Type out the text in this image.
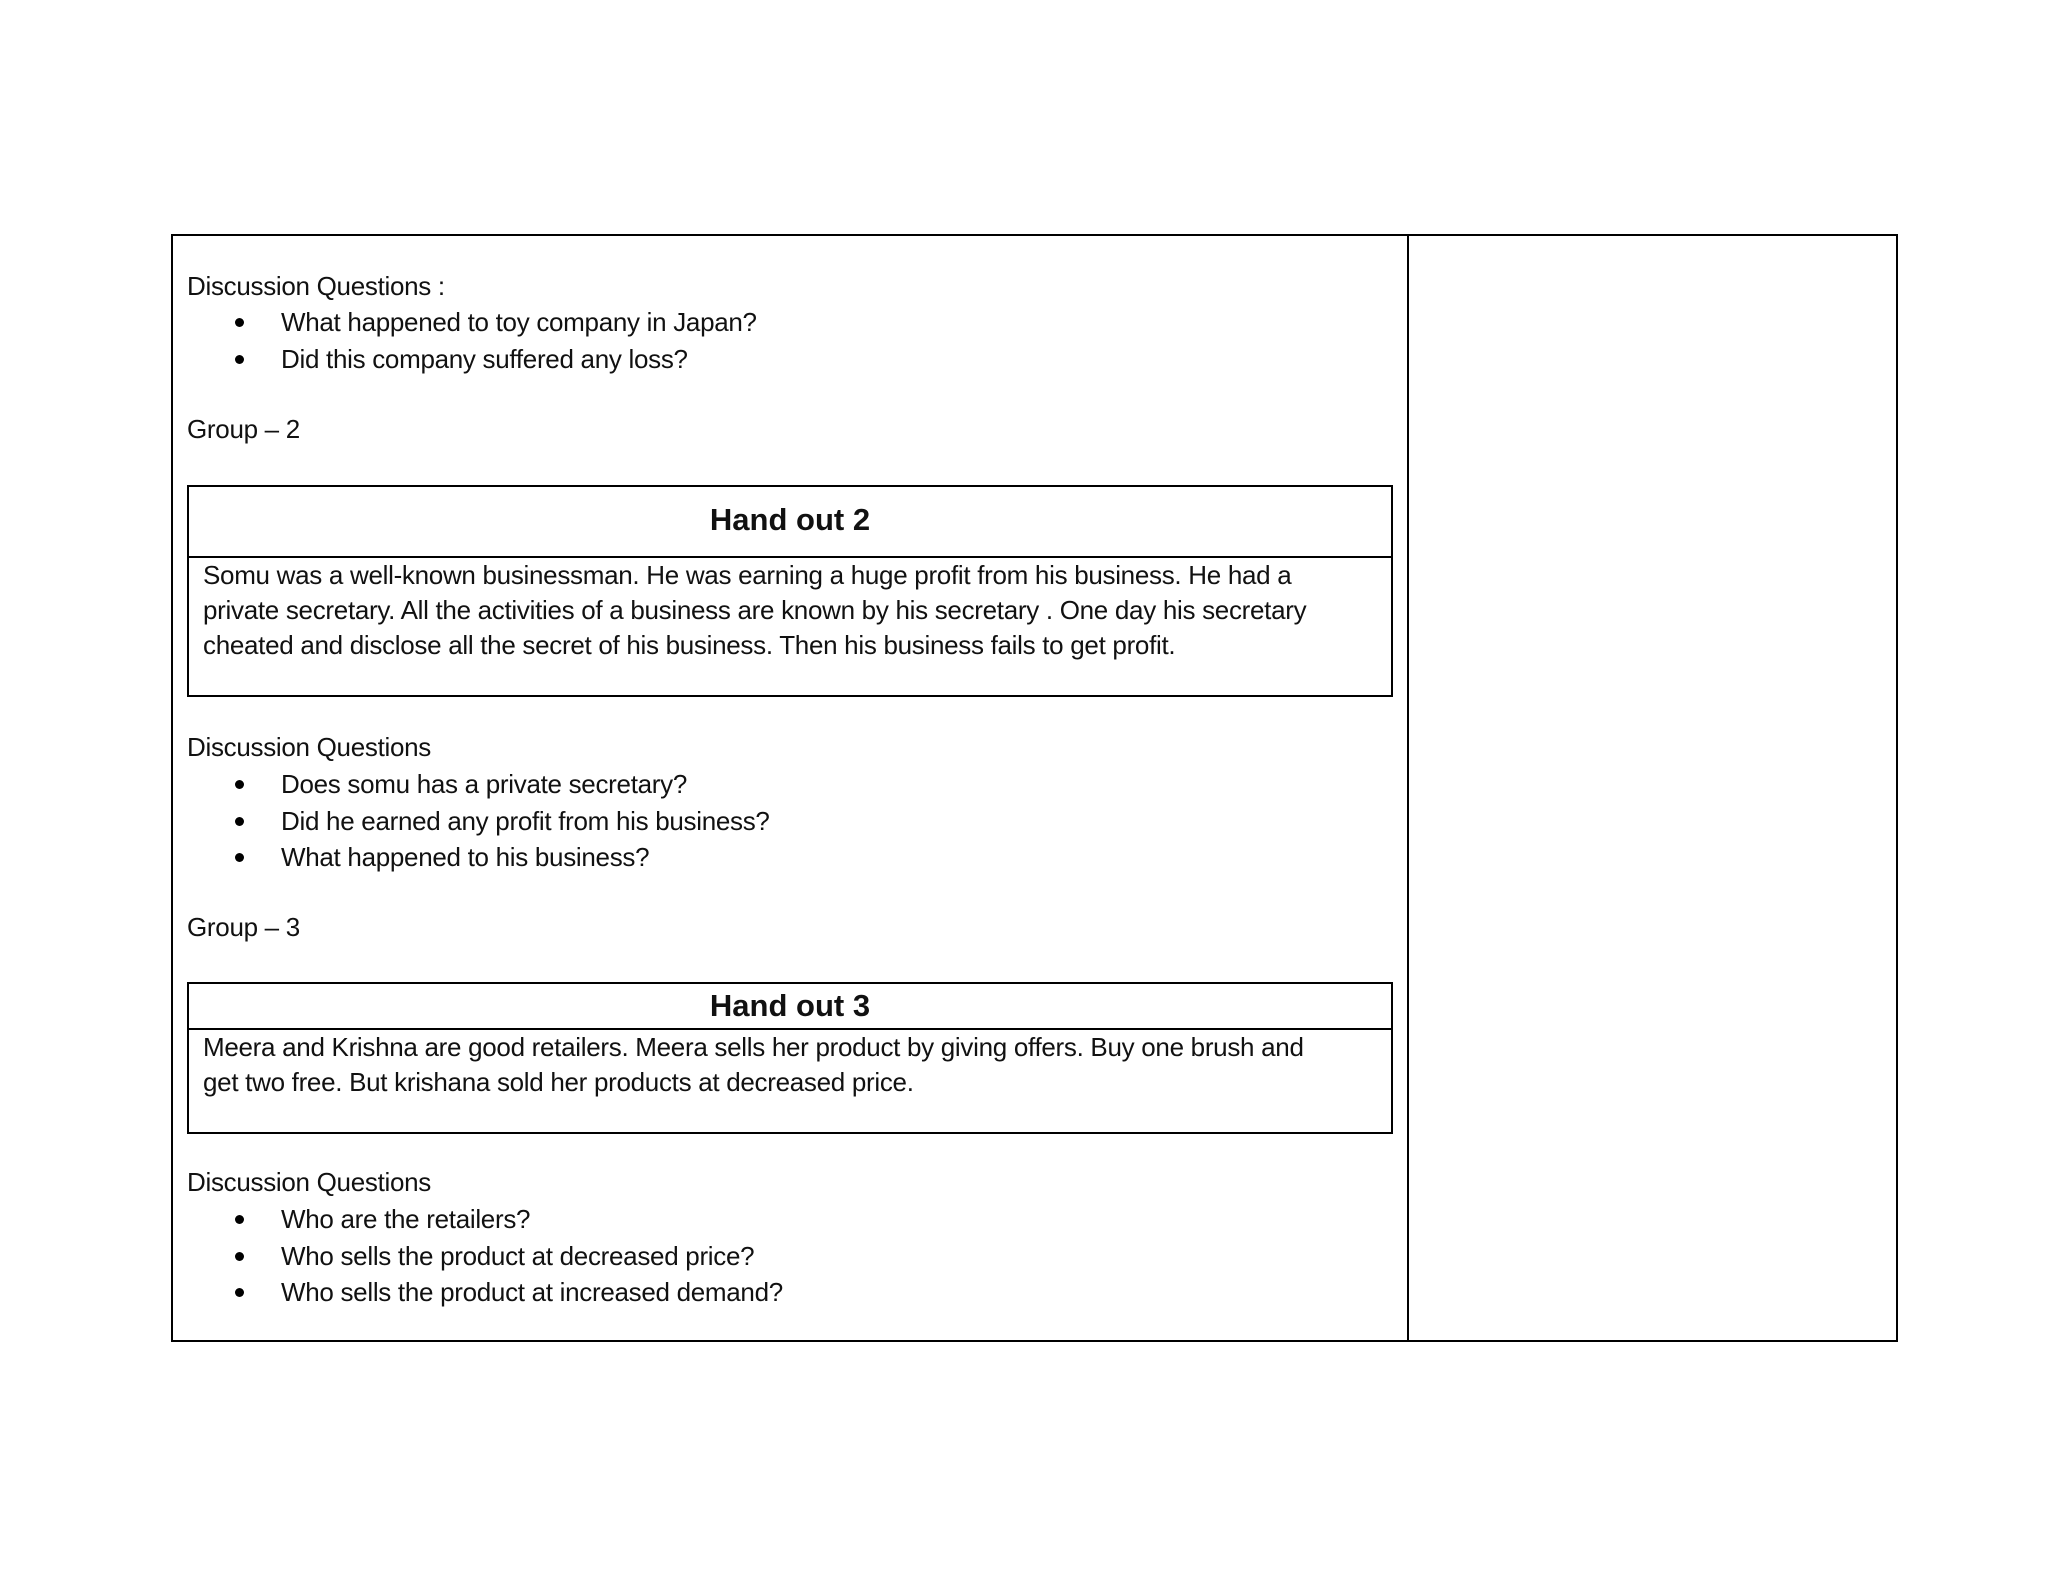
Discussion Questions :
What happened to toy company in Japan?
Did this company suffered any loss?
Group – 2
Hand out 2
Somu was a well-known businessman. He was earning a huge profit from his business. He had a
private secretary. All the activities of a business are known by his secretary . One day his secretary
cheated and disclose all the secret of his business. Then his business fails to get profit.
Discussion Questions
Does somu has a private secretary?
Did he earned any profit from his business?
What happened to his business?
Group – 3
Hand out 3
Meera and Krishna are good retailers. Meera sells her product by giving offers. Buy one brush and
get two free. But krishana sold her products at decreased price.
Discussion Questions
Who are the retailers?
Who sells the product at decreased price?
Who sells the product at increased demand?
